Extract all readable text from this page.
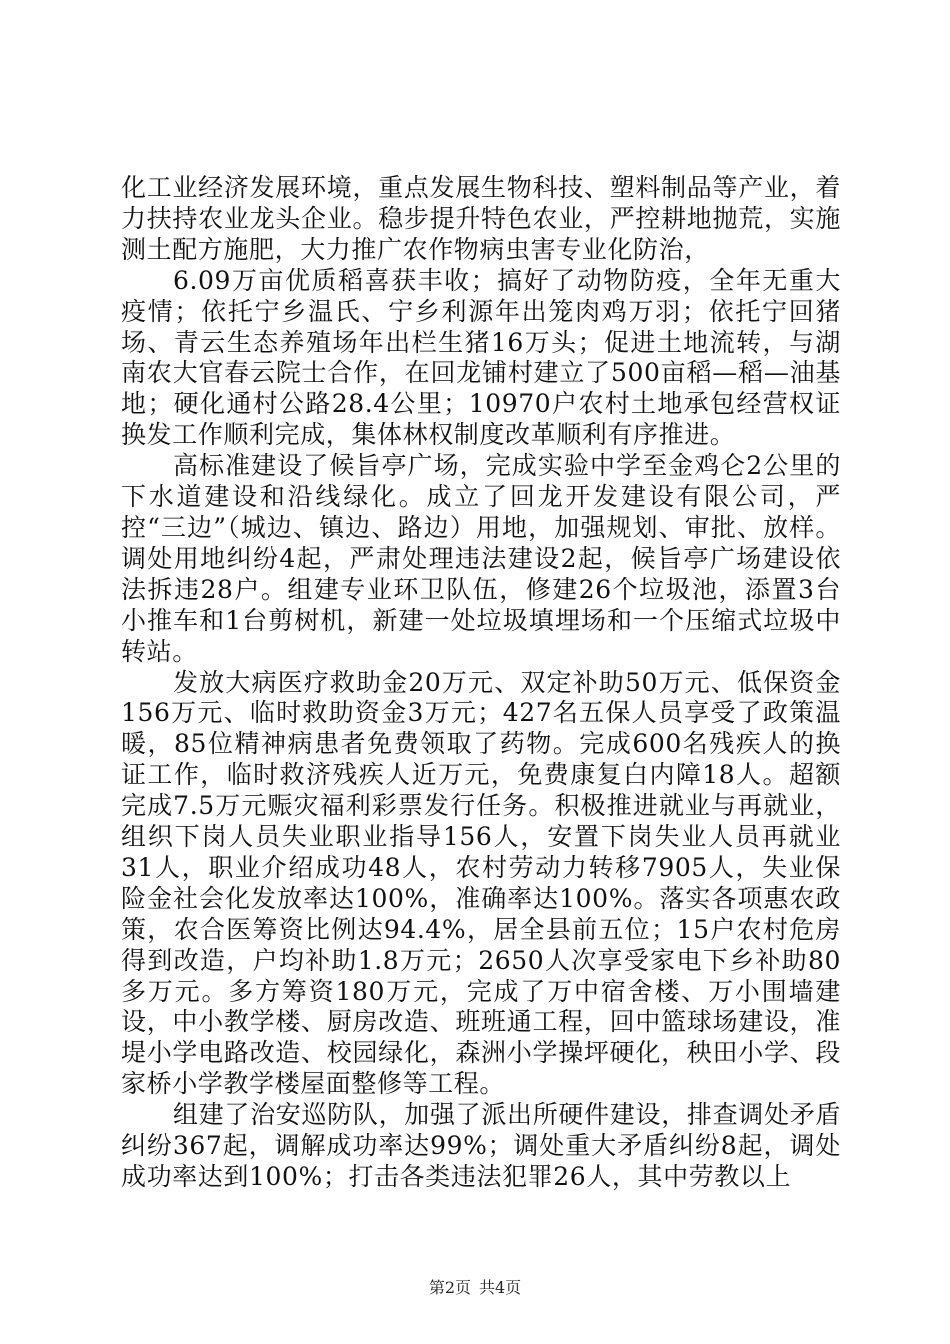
化工业经济发展环境，重点发展生物科技、塑料制品等产业，着力扶持农业龙头企业。稳步提升特色农业，严控耕地抛荒，实施测土配方施肥，大力推广农作物病虫害专业化防治，

6.09万亩优质稻喜获丰收；搞好了动物防疫，全年无重大疫情；依托宁乡温氏、宁乡利源年出笼肉鸡万羽；依托宁回猪场、青云生态养殖场年出栏生猪16万头；促进土地流转，与湖南农大官春云院士合作，在回龙铺村建立了500亩稻—稻—油基地；硬化通村公路28.4公里；10970户农村土地承包经营权证换发工作顺利完成，集体林权制度改革顺利有序推进。

高标准建设了候旨亭广场，完成实验中学至金鸡仑2公里的下水道建设和沿线绿化。成立了回龙开发建设有限公司，严控“三边”（城边、镇边、路边）用地，加强规划、审批、放样。调处用地纠纷4起，严肃处理违法建设2起，候旨亭广场建设依法拆违28户。组建专业环卫队伍，修建26个垃圾池，添置3台小推车和1台剪树机，新建一处垃圾填埋场和一个压缩式垃圾中转站。

发放大病医疗救助金20万元、双定补助50万元、低保资金156万元、临时救助资金3万元；427名五保人员享受了政策温暖，85位精神病患者免费领取了药物。完成600名残疾人的换证工作，临时救济残疾人近万元，免费康复白内障18人。超额完成7.5万元赈灾福利彩票发行任务。积极推进就业与再就业，组织下岗人员失业职业指导156人，安置下岗失业人员再就业31人，职业介绍成功48人，农村劳动力转移7905人，失业保险金社会化发放率达100%，准确率达100%。落实各项惠农政策，农合医筹资比例达94.4%，居全县前五位；15户农村危房得到改造，户均补助1.8万元；2650人次享受家电下乡补助80多万元。多方筹资180万元，完成了万中宿舍楼、万小围墙建设，中小教学楼、厨房改造、班班通工程，回中篮球场建设，准堤小学电路改造、校园绿化，森洲小学操坪硬化，秧田小学、段家桥小学教学楼屋面整修等工程。

组建了治安巡防队，加强了派出所硬件建设，排查调处矛盾纠纷367起，调解成功率达99%；调处重大矛盾纠纷8起，调处成功率达到100%；打击各类违法犯罪26人，其中劳教以上

第2页 共4页
